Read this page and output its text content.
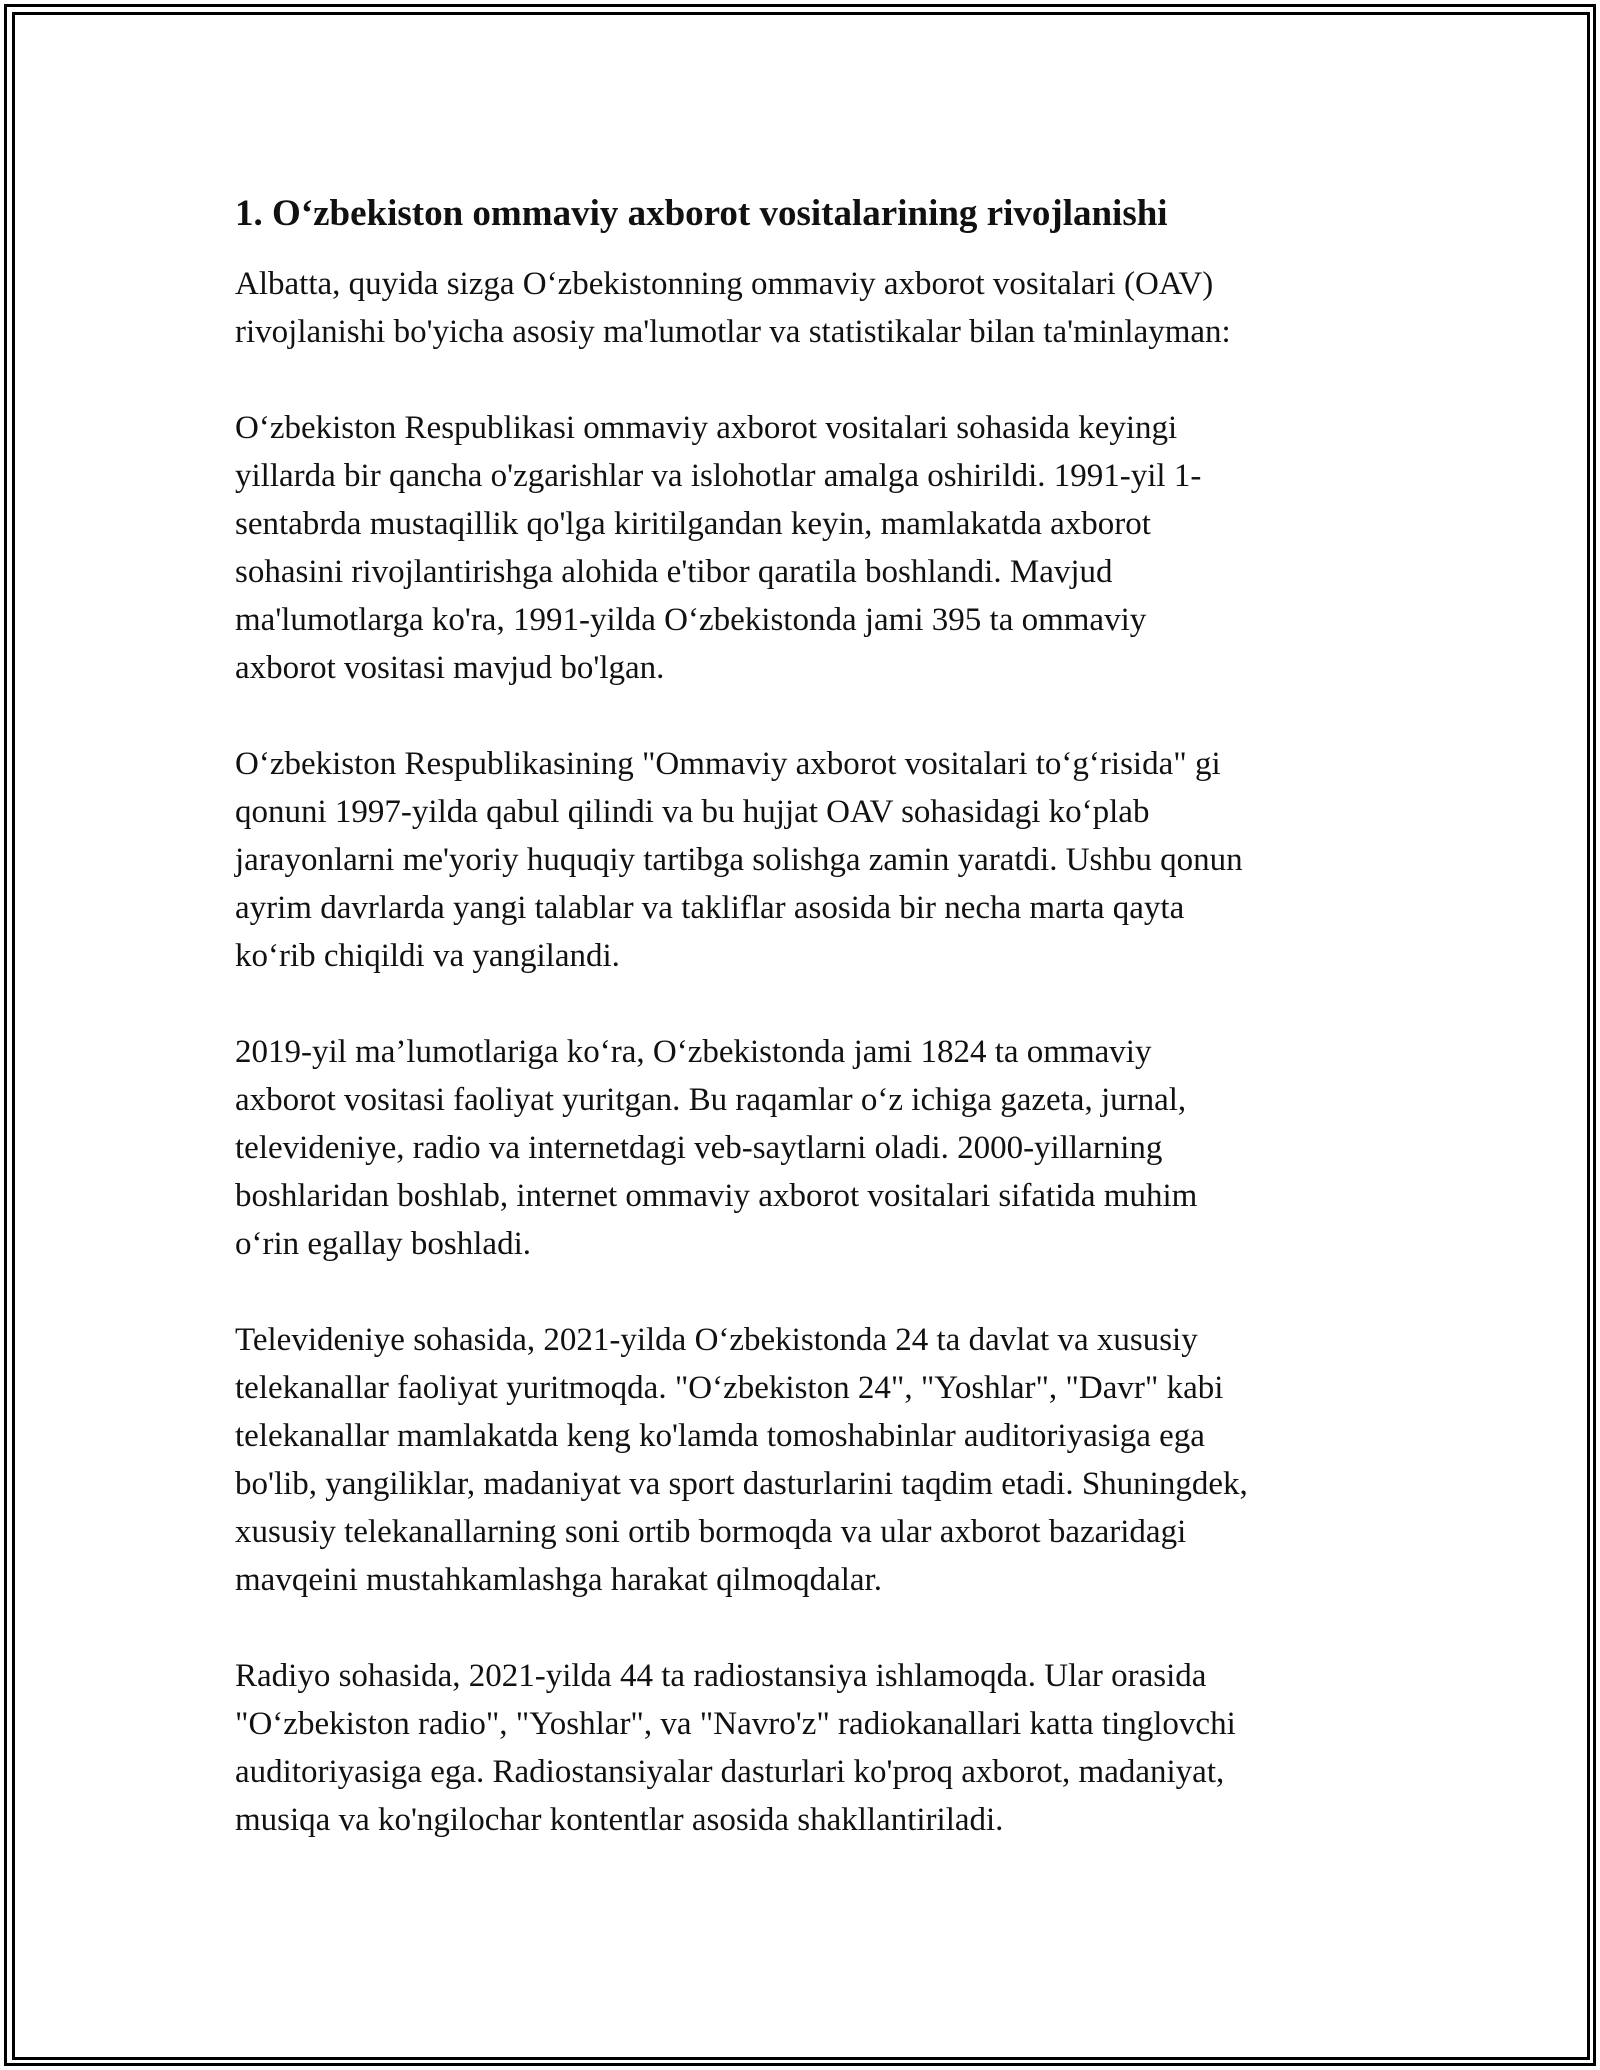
1. O‘zbekiston ommaviy axborot vositalarining rivojlanishi

Albatta, quyida sizga O‘zbekistonning ommaviy axborot vositalari (OAV)
rivojlanishi bo'yicha asosiy ma'lumotlar va statistikalar bilan ta'minlayman:

O‘zbekiston Respublikasi ommaviy axborot vositalari sohasida keyingi
yillarda bir qancha o'zgarishlar va islohotlar amalga oshirildi. 1991-yil 1-
sentabrda mustaqillik qo'lga kiritilgandan keyin, mamlakatda axborot
sohasini rivojlantirishga alohida e'tibor qaratila boshlandi. Mavjud
ma'lumotlarga ko'ra, 1991-yilda O‘zbekistonda jami 395 ta ommaviy
axborot vositasi mavjud bo'lgan.

O‘zbekiston Respublikasining "Ommaviy axborot vositalari to‘g‘risida" gi
qonuni 1997-yilda qabul qilindi va bu hujjat OAV sohasidagi ko‘plab
jarayonlarni me'yoriy huquqiy tartibga solishga zamin yaratdi. Ushbu qonun
ayrim davrlarda yangi talablar va takliflar asosida bir necha marta qayta
ko‘rib chiqildi va yangilandi.

2019-yil ma’lumotlariga ko‘ra, O‘zbekistonda jami 1824 ta ommaviy
axborot vositasi faoliyat yuritgan. Bu raqamlar o‘z ichiga gazeta, jurnal,
televideniye, radio va internetdagi veb-saytlarni oladi. 2000-yillarning
boshlaridan boshlab, internet ommaviy axborot vositalari sifatida muhim
o‘rin egallay boshladi.

Televideniye sohasida, 2021-yilda O‘zbekistonda 24 ta davlat va xususiy
telekanallar faoliyat yuritmoqda. "O‘zbekiston 24", "Yoshlar", "Davr" kabi
telekanallar mamlakatda keng ko'lamda tomoshabinlar auditoriyasiga ega
bo'lib, yangiliklar, madaniyat va sport dasturlarini taqdim etadi. Shuningdek,
xususiy telekanallarning soni ortib bormoqda va ular axborot bazaridagi
mavqeini mustahkamlashga harakat qilmoqdalar.

Radiyo sohasida, 2021-yilda 44 ta radiostansiya ishlamoqda. Ular orasida
"O‘zbekiston radio", "Yoshlar", va "Navro'z" radiokanallari katta tinglovchi
auditoriyasiga ega. Radiostansiyalar dasturlari ko'proq axborot, madaniyat,
musiqa va ko'ngilochar kontentlar asosida shakllantiriladi.
